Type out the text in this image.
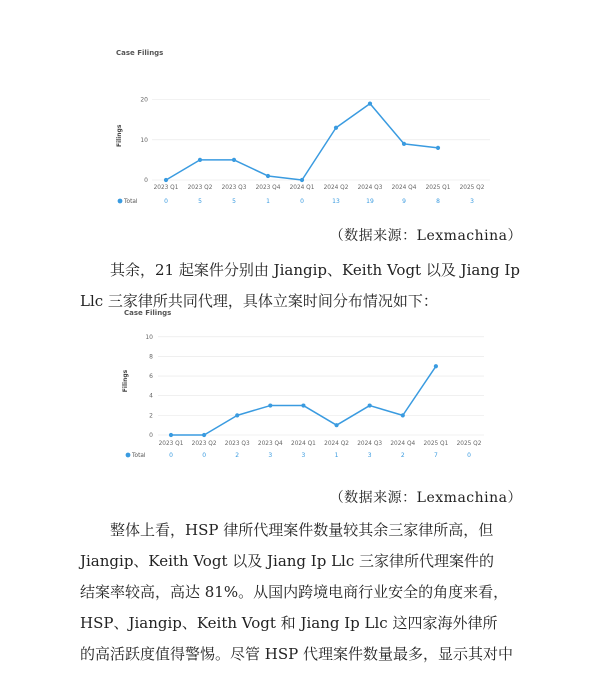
Case Filings
Filings
0
10
20
2023 Q1 2023 Q2 2023 Q3 2023 Q4 2024 Q1 2024 Q2 2024 Q3 2024 Q4 2025 Q1 2025 Q2
Total	0	5	5	1	0	13	19	9	8	3
（数据来源：Lexmachina）

其余，21 起案件分别由 Jiangip、Keith Vogt 以及 Jiang Ip

Llc 三家律所共同代理，具体立案时间分布情况如下：

Case Filings
Filings
0
2
4
6
8
10
2023 Q1 2023 Q2 2023 Q3 2023 Q4 2024 Q1 2024 Q2 2024 Q3 2024 Q4 2025 Q1 2025 Q2
Total	0	0	2	3	3	1	3	2	7	0
（数据来源：Lexmachina）

整体上看，HSP 律所代理案件数量较其余三家律所高，但

Jiangip、Keith Vogt 以及 Jiang Ip Llc 三家律所代理案件的

结案率较高，高达 81%。从国内跨境电商行业安全的角度来看，

HSP、Jiangip、Keith Vogt 和 Jiang Ip Llc 这四家海外律所

的高活跃度值得警惕。尽管 HSP 代理案件数量最多，显示其对中
